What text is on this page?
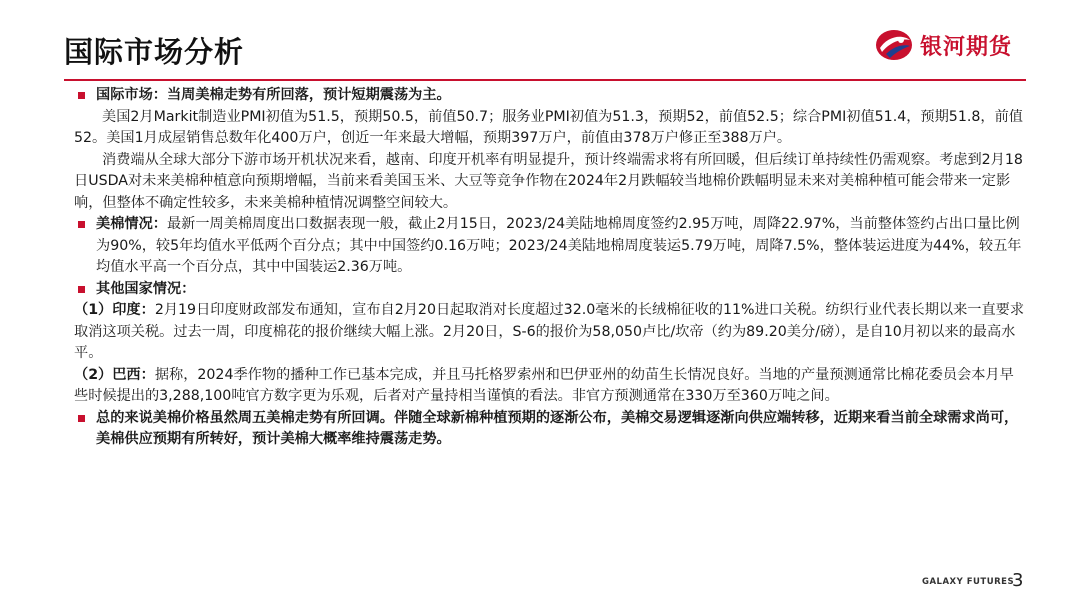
国际市场分析	银河期货

国际市场：当周美棉走势有所回落，预计短期震荡为主。

美国2月Markit制造业PMI初值为51.5，预期50.5，前值50.7；服务业PMI初值为51.3，预期52，前值52.5；综合PMI初值51.4，预期51.8，前值52。美国1月成屋销售总数年化400万户，创近一年来最大增幅，预期397万户，前值由378万户修正至388万户。

消费端从全球大部分下游市场开机状况来看，越南、印度开机率有明显提升，预计终端需求将有所回暖，但后续订单持续性仍需观察。考虑到2月18日USDA对未来美棉种植意向预期增幅，当前来看美国玉米、大豆等竞争作物在2024年2月跌幅较当地棉价跌幅明显未来对美棉种植可能会带来一定影响，但整体不确定性较多，未来美棉种植情况调整空间较大。

美棉情况：最新一周美棉周度出口数据表现一般，截止2月15日，2023/24美陆地棉周度签约2.95万吨，周降22.97%，当前整体签约占出口量比例为90%，较5年均值水平低两个百分点；其中中国签约0.16万吨；2023/24美陆地棉周度装运5.79万吨，周降7.5%，整体装运进度为44%，较五年均值水平高一个百分点，其中中国装运2.36万吨。

其他国家情况：

（1）印度：2月19日印度财政部发布通知，宣布自2月20日起取消对长度超过32.0毫米的长绒棉征收的11%进口关税。纺织行业代表长期以来一直要求取消这项关税。过去一周，印度棉花的报价继续大幅上涨。2月20日，S-6的报价为58,050卢比/坎帝（约为89.20美分/磅），是自10月初以来的最高水平。

（2）巴西：据称，2024季作物的播种工作已基本完成，并且马托格罗索州和巴伊亚州的幼苗生长情况良好。当地的产量预测通常比棉花委员会本月早些时候提出的3,288,100吨官方数字更为乐观，后者对产量持相当谨慎的看法。非官方预测通常在330万至360万吨之间。

总的来说美棉价格虽然周五美棉走势有所回调。伴随全球新棉种植预期的逐渐公布，美棉交易逻辑逐渐向供应端转移，近期来看当前全球需求尚可，美棉供应预期有所转好，预计美棉大概率维持震荡走势。

GALAXY FUTURES
3
